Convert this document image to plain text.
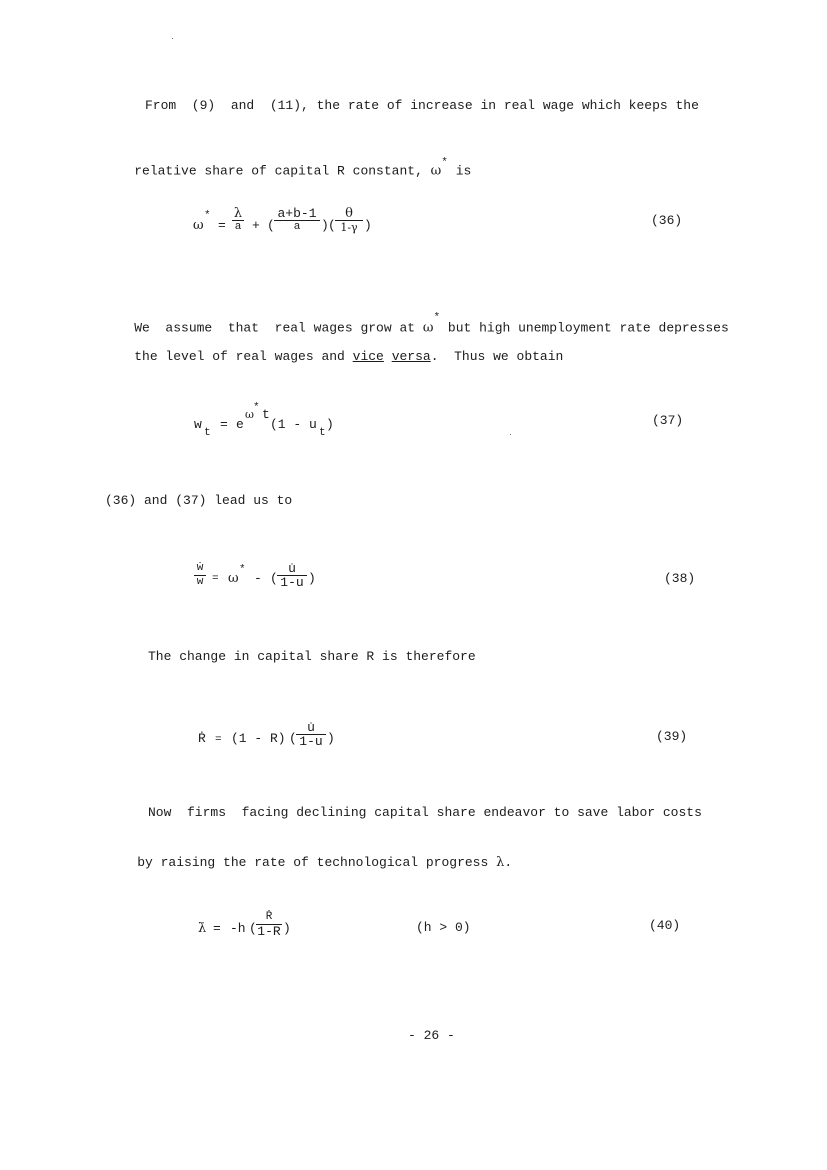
From  (9)  and  (11), the rate of increase in real wage which keeps the

relative share of capital R constant, ω* is

ω
*
=
λ
a + (
a+b-1
a	) (
θ
1-γ )	(36)

We  assume  that  real wages grow at ω* but high unemployment rate depresses

the level of real wages and vice versa.  Thus we obtain

w
t
= e
ω * t
(1 - u
t
)	(37)
(36) and (37) lead us to
$\frac{\text{ẇ}}{w} = \omega$
*
- ( $\frac{u̇}{1-u}$ )	(38)
The change in capital share R is therefore
Ṙ = (1 - R) ( $\frac{u̇}{1-u}$ )	(39)
Now  firms  facing declining capital share endeavor to save labor costs

by raising the rate of technological progress λ.

λ̇ = -h (
Ṙ
1-R )	(h > 0)	(40)
- 26 -
